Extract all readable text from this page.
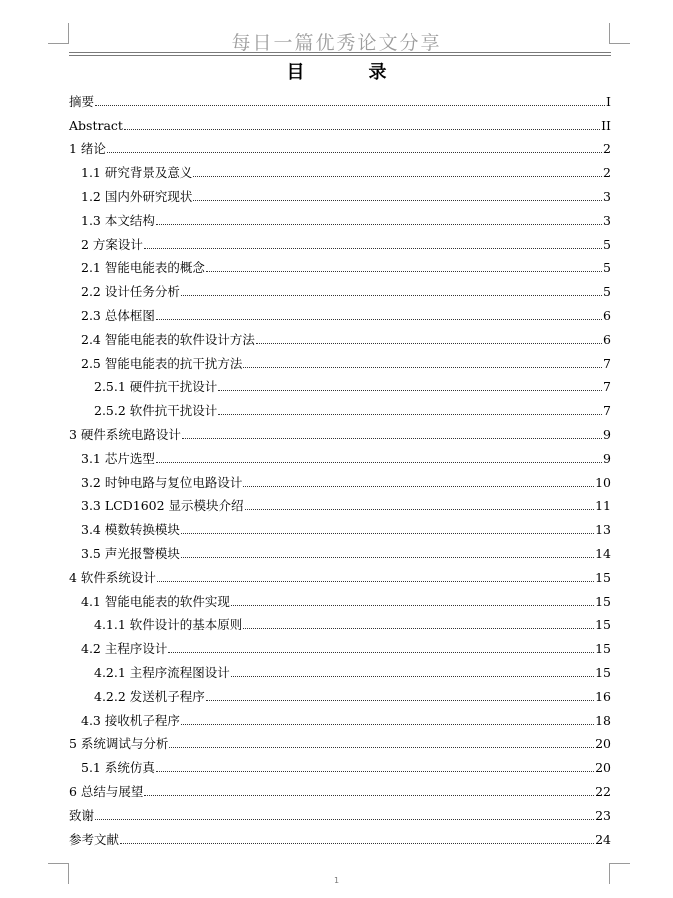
每日一篇优秀论文分享
目	录
摘要	I
Abstract	II
1 绪论	2
1.1 研究背景及意义	2
1.2 国内外研究现状	3
1.3 本文结构	3
2 方案设计	5
2.1 智能电能表的概念	5
2.2 设计任务分析	5
2.3 总体框图	6
2.4 智能电能表的软件设计方法	6
2.5 智能电能表的抗干扰方法	7
2.5.1 硬件抗干扰设计	7
2.5.2 软件抗干扰设计	7
3 硬件系统电路设计	9
3.1 芯片选型	9
3.2 时钟电路与复位电路设计	10
3.3 LCD1602 显示模块介绍	11
3.4 模数转换模块	13
3.5 声光报警模块	14
4 软件系统设计	15
4.1 智能电能表的软件实现	15
4.1.1 软件设计的基本原则	15
4.2 主程序设计	15
4.2.1 主程序流程图设计	15
4.2.2 发送机子程序	16
4.3 接收机子程序	18
5 系统调试与分析	20
5.1 系统仿真	20
6 总结与展望	22
致谢	23
参考文献	24
1
